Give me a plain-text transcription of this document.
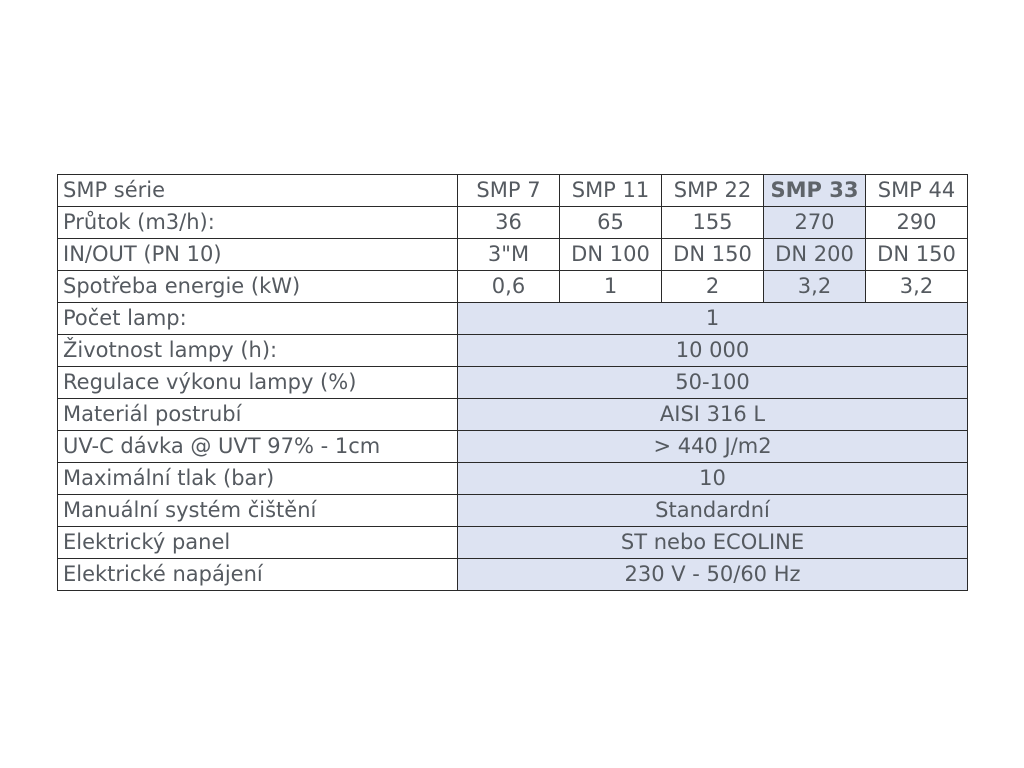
SMP série	SMP 7	SMP 11	SMP 22	SMP 33	SMP 44
Průtok (m3/h):	36	65	155	270	290
IN/OUT (PN 10)	3"M	DN 100	DN 150	DN 200	DN 150
Spotřeba energie (kW)	0,6	1	2	3,2	3,2
Počet lamp:	1				
Životnost lampy (h):	10 000				
Regulace výkonu lampy (%)	50-100				
Materiál postrubí	AISI 316 L				
UV-C dávka @ UVT 97% - 1cm	> 440 J/m2				
Maximální tlak (bar)	10				
Manuální systém čištění	Standardní				
Elektrický panel	ST nebo ECOLINE				
Elektrické napájení	230 V - 50/60 Hz				
